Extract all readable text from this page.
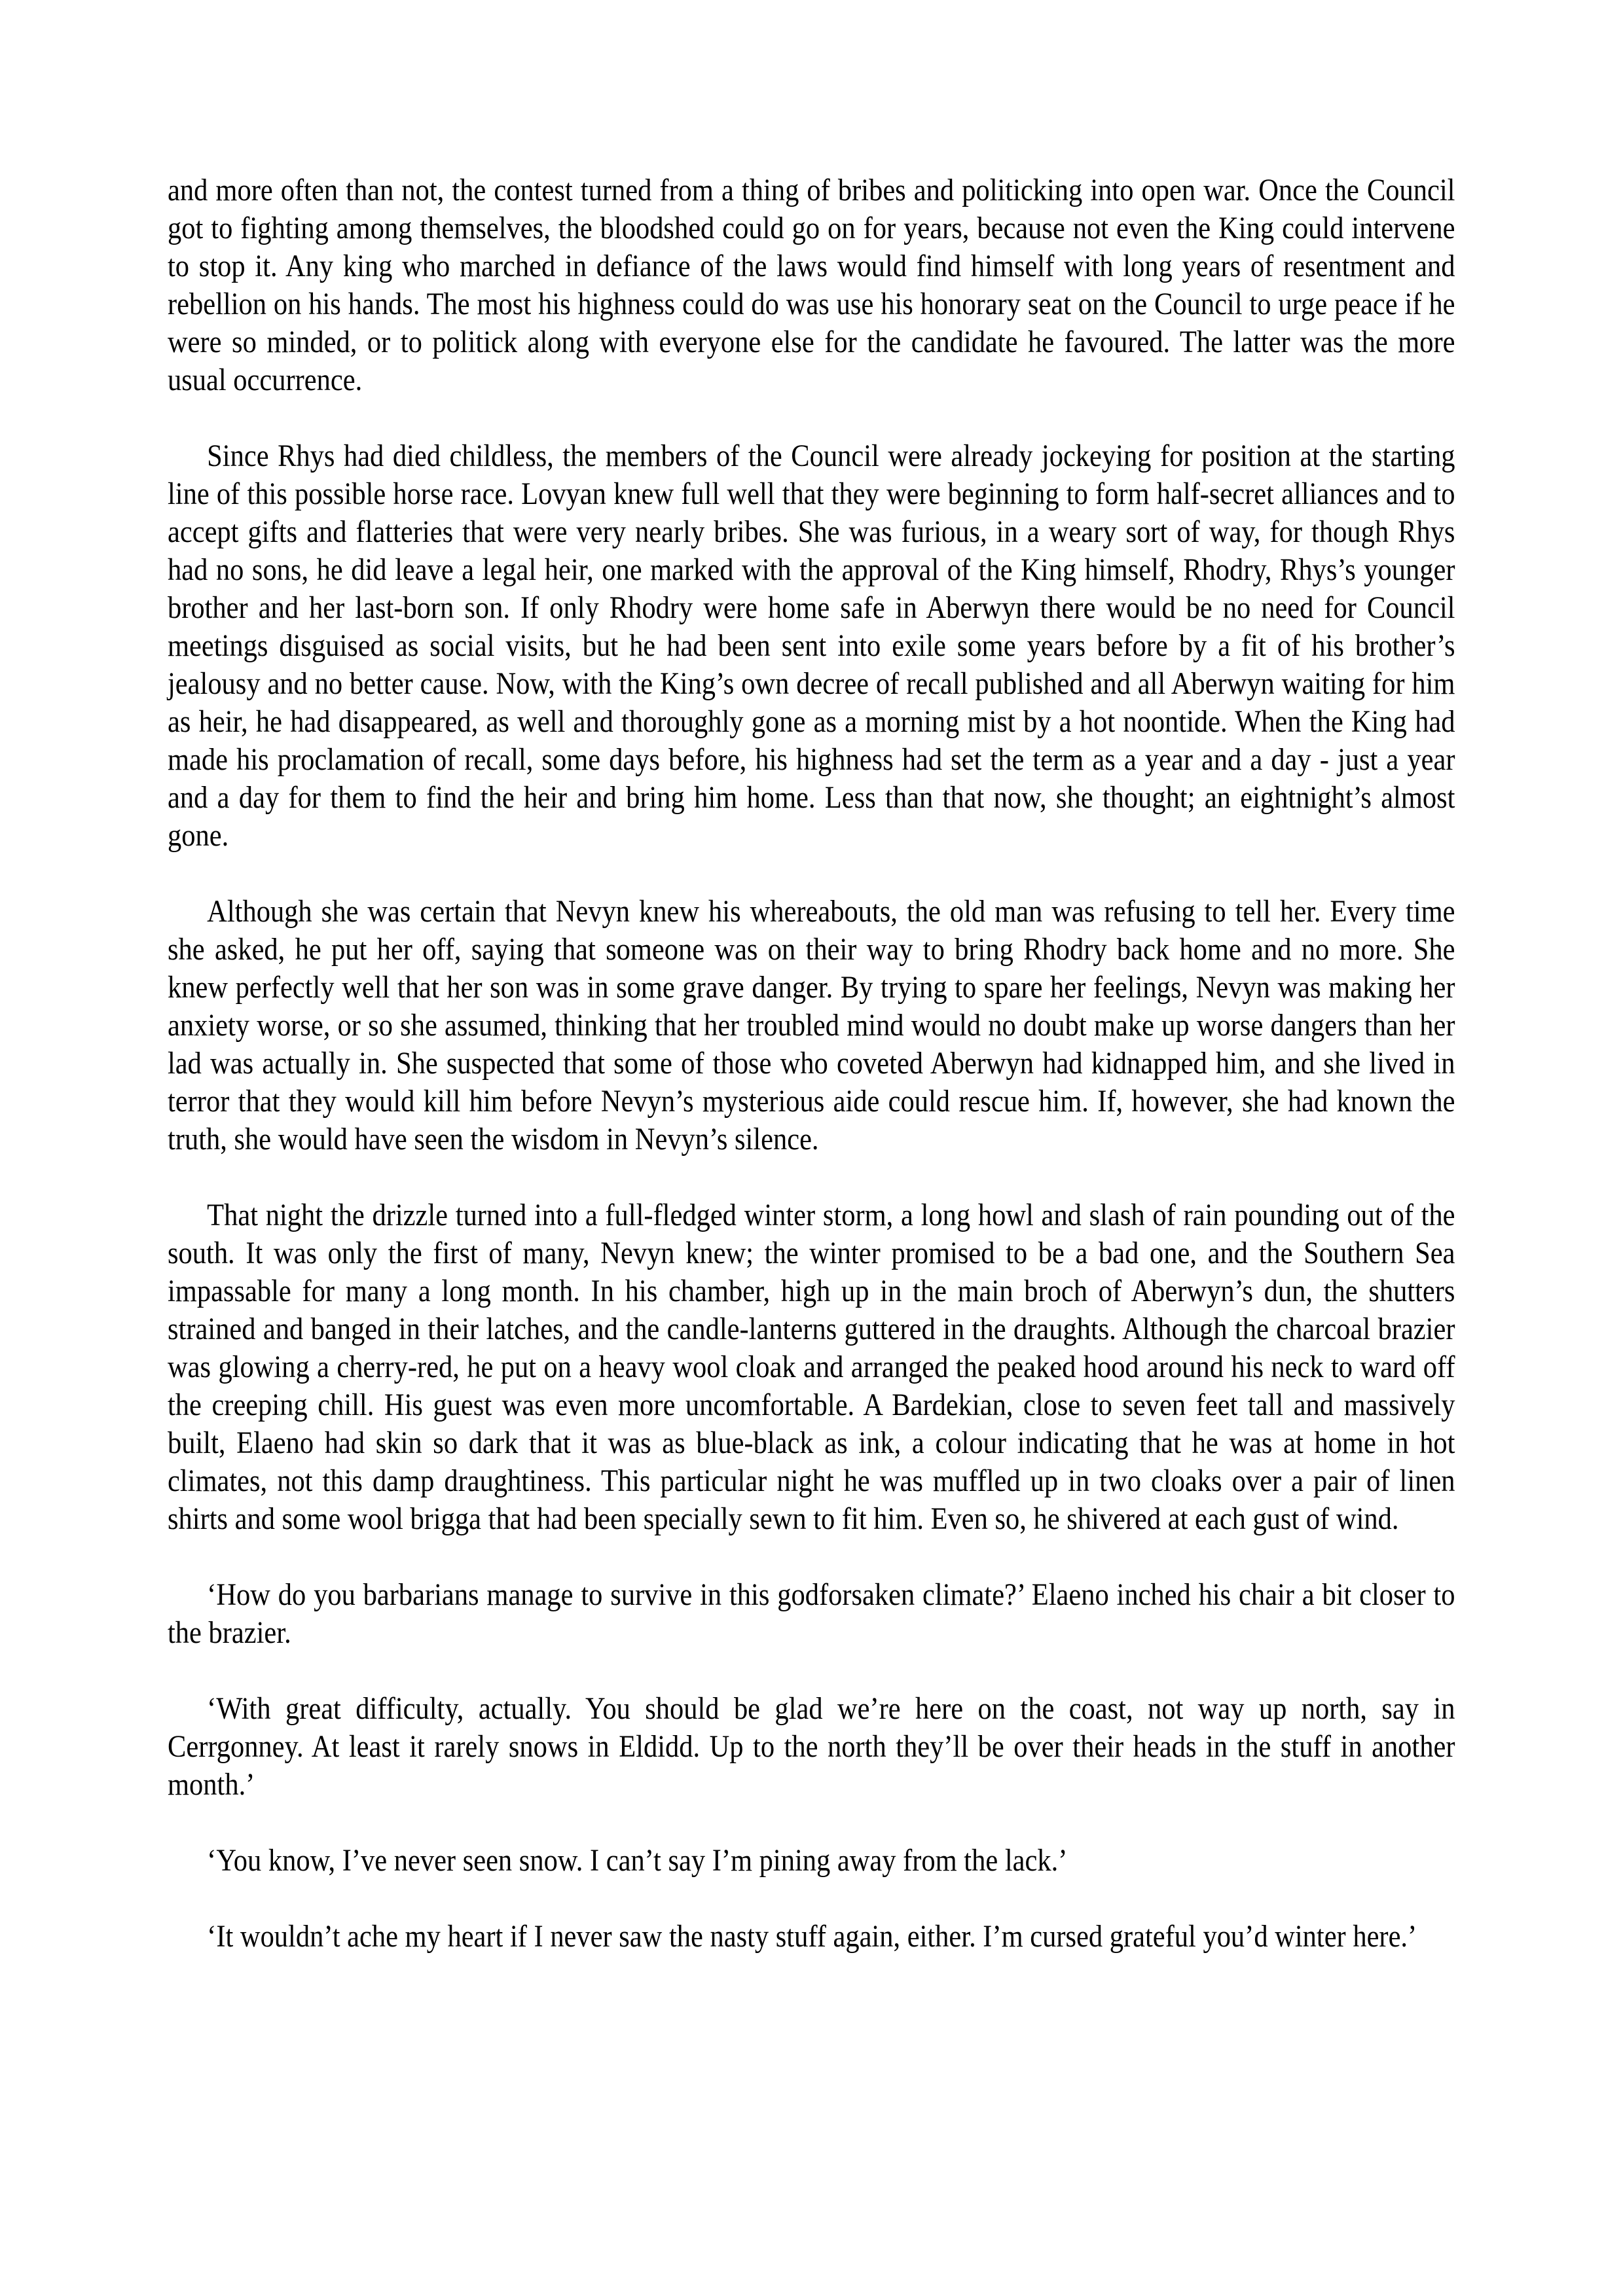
and more often than not, the contest turned from a thing of bribes and politicking into open war. Once the Council got to fighting among themselves, the bloodshed could go on for years, because not even the King could intervene to stop it. Any king who marched in defiance of the laws would find himself with long years of resentment and rebellion on his hands. The most his highness could do was use his honorary seat on the Council to urge peace if he were so minded, or to politick along with everyone else for the candidate he favoured. The latter was the more usual occurrence.

Since Rhys had died childless, the members of the Council were already jockeying for position at the starting line of this possible horse race. Lovyan knew full well that they were beginning to form half-secret alliances and to accept gifts and flatteries that were very nearly bribes. She was furious, in a weary sort of way, for though Rhys had no sons, he did leave a legal heir, one marked with the approval of the King himself, Rhodry, Rhys’s younger brother and her last-born son. If only Rhodry were home safe in Aberwyn there would be no need for Council meetings disguised as social visits, but he had been sent into exile some years before by a fit of his brother’s jealousy and no better cause. Now, with the King’s own decree of recall published and all Aberwyn waiting for him as heir, he had disappeared, as well and thoroughly gone as a morning mist by a hot noontide. When the King had made his proclamation of recall, some days before, his highness had set the term as a year and a day - just a year and a day for them to find the heir and bring him home. Less than that now, she thought; an eightnight’s almost gone.

Although she was certain that Nevyn knew his whereabouts, the old man was refusing to tell her. Every time she asked, he put her off, saying that someone was on their way to bring Rhodry back home and no more. She knew perfectly well that her son was in some grave danger. By trying to spare her feelings, Nevyn was making her anxiety worse, or so she assumed, thinking that her troubled mind would no doubt make up worse dangers than her lad was actually in. She suspected that some of those who coveted Aberwyn had kidnapped him, and she lived in terror that they would kill him before Nevyn’s mysterious aide could rescue him. If, however, she had known the truth, she would have seen the wisdom in Nevyn’s silence.

That night the drizzle turned into a full-fledged winter storm, a long howl and slash of rain pounding out of the south. It was only the first of many, Nevyn knew; the winter promised to be a bad one, and the Southern Sea impassable for many a long month. In his chamber, high up in the main broch of Aberwyn’s dun, the shutters strained and banged in their latches, and the candle-lanterns guttered in the draughts. Although the charcoal brazier was glowing a cherry-red, he put on a heavy wool cloak and arranged the peaked hood around his neck to ward off the creeping chill. His guest was even more uncomfortable. A Bardekian, close to seven feet tall and massively built, Elaeno had skin so dark that it was as blue-black as ink, a colour indicating that he was at home in hot climates, not this damp draughtiness. This particular night he was muffled up in two cloaks over a pair of linen shirts and some wool brigga that had been specially sewn to fit him. Even so, he shivered at each gust of wind.

‘How do you barbarians manage to survive in this godforsaken climate?’ Elaeno inched his chair a bit closer to the brazier.

‘With great difficulty, actually. You should be glad we’re here on the coast, not way up north, say in Cerrgonney. At least it rarely snows in Eldidd. Up to the north they’ll be over their heads in the stuff in another month.’

‘You know, I’ve never seen snow. I can’t say I’m pining away from the lack.’

‘It wouldn’t ache my heart if I never saw the nasty stuff again, either. I’m cursed grateful you’d winter here.’
